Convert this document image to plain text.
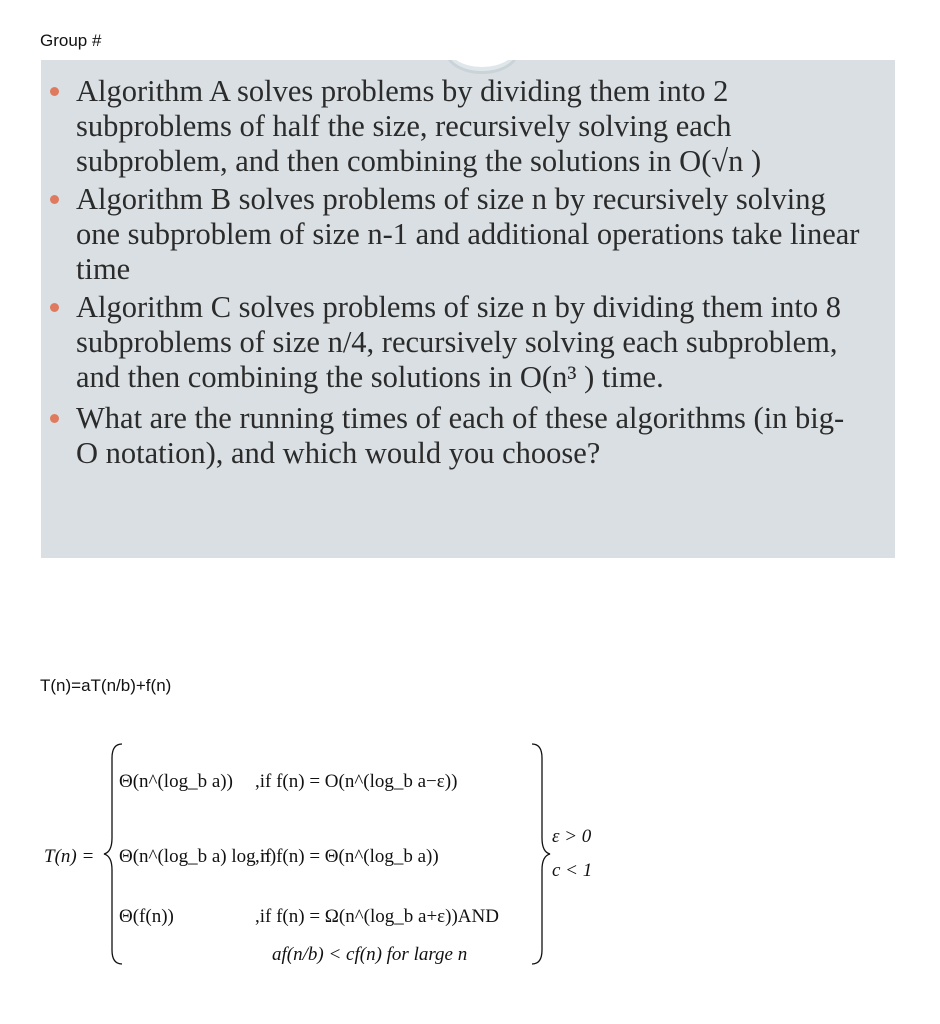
Group #
Algorithm A solves problems by dividing them into 2 subproblems of half the size, recursively solving each subproblem, and then combining the solutions in O(√n )
Algorithm B solves problems of size n by recursively solving one subproblem of size n-1 and additional operations take linear time
Algorithm C solves problems of size n by dividing them into 8 subproblems of size n/4, recursively solving each subproblem, and then combining the solutions in O(n³ ) time.
What are the running times of each of these algorithms (in big-O notation), and which would you choose?
T(n)=aT(n/b)+f(n)
T(n) =
Θ(n^(log_b a)) ,if f(n) = O(n^(log_b a−ε))
Θ(n^(log_b a) log n)
,if f(n) = Θ(n^(log_b a))
Θ(f(n))	,if f(n) = Ω(n^(log_b a+ε))AND
af(n/b) < cf(n) for large n
ε > 0
c < 1
